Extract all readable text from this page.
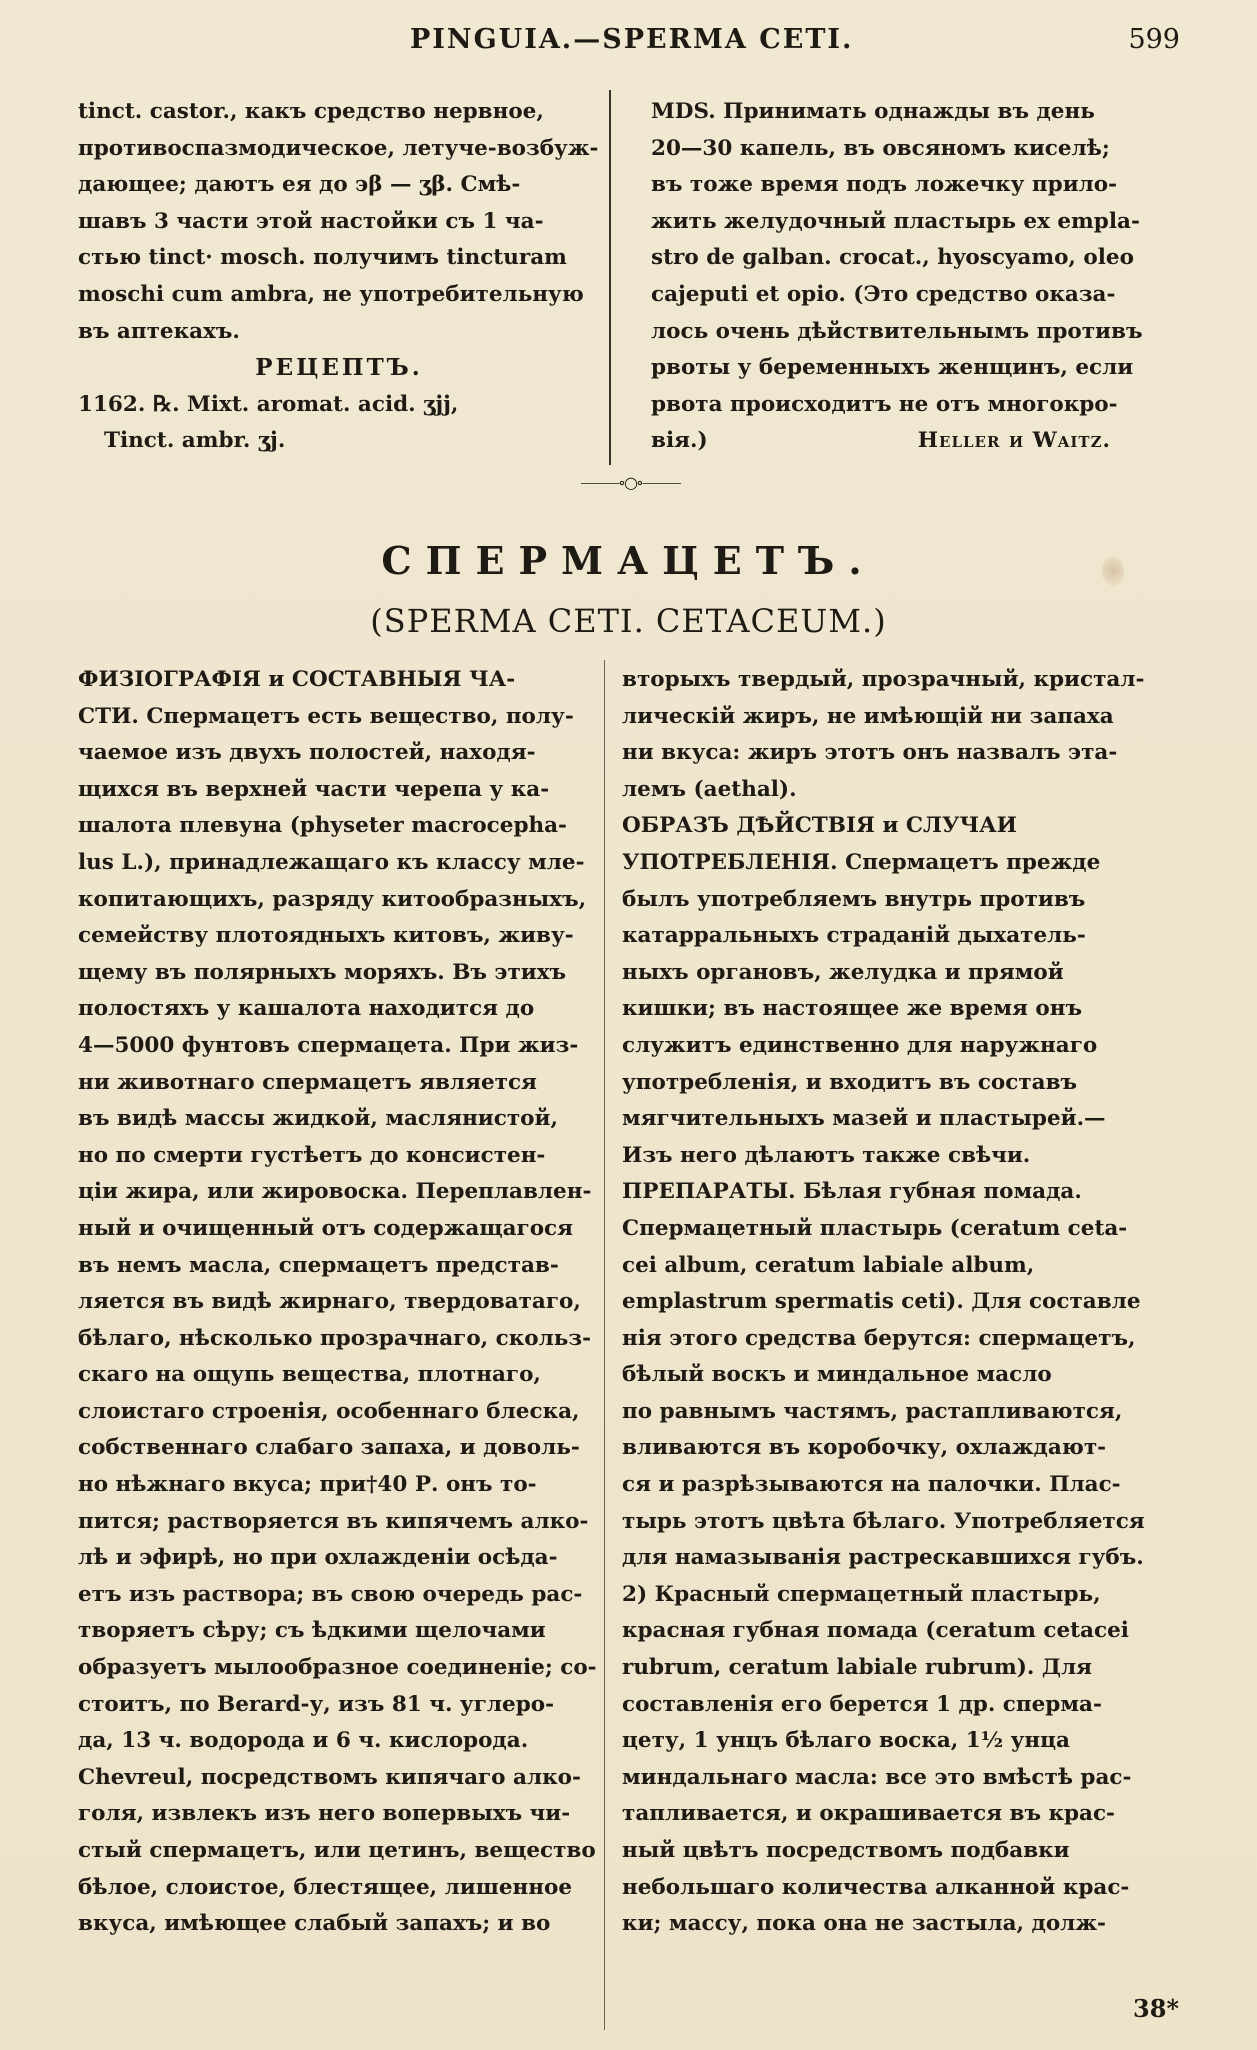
PINGUIA.—SPERMA CETI.	599

tinct. castor., какъ средство нервное,

противоспазмодическое, летуче-возбуж-

дающее; даютъ ея до ϶β — ʒβ. Смѣ-

шавъ 3 части этой настойки съ 1 ча-

стью tinct· mosch. получимъ tincturam

moschi cum ambra, не употребительную

въ аптекахъ.

РЕЦЕПТЪ.

1162. ℞. Mixt. aromat. acid. ʒjj,

Tinct. ambr. ʒj.

MDS. Принимать однажды въ день

20—30 капель, въ овсяномъ киселѣ;

въ тоже время подъ ложечку прило-

жить желудочный пластырь ex empla-

stro de galban. crocat., hyoscyamo, oleo

cajeputi et opio. (Это средство оказа-

лось очень дѣйствительнымъ противъ

рвоты у беременныхъ женщинъ, если

рвота происходитъ не отъ многокро-

вія.)	Heller и Waitz.

⸻∘○∘⸻
СПЕРМАЦЕТЪ.
(SPERMA CETI. CETACEUM.)

ФИЗІОГРАФІЯ и СОСТАВНЫЯ ЧА-

СТИ. Спермацетъ есть вещество, полу-

чаемое изъ двухъ полостей, находя-

щихся въ верхней части черепа у ка-

шалота плевуна (physeter macrocepha-

lus L.), принадлежащаго къ классу мле-

копитающихъ, разряду китообразныхъ,

семейству плотоядныхъ китовъ, живу-

щему въ полярныхъ моряхъ. Въ этихъ

полостяхъ у кашалота находится до

4—5000 фунтовъ спермацета. При жиз-

ни животнаго спермацетъ является

въ видѣ массы жидкой, маслянистой,

но по смерти густѣетъ до консистен-

ціи жира, или жировоска. Переплавлен-

ный и очищенный отъ содержащагося

въ немъ масла, спермацетъ представ-

ляется въ видѣ жирнаго, твердоватаго,

бѣлаго, нѣсколько прозрачнаго, скольз-

скаго на ощупь вещества, плотнаго,

слоистаго строенія, особеннаго блеска,

собственнаго слабаго запаха, и доволь-

но нѣжнаго вкуса; при†40 Р. онъ то-

пится; растворяется въ кипячемъ алко-

лѣ и эфирѣ, но при охлажденіи осѣда-

етъ изъ раствора; въ свою очередь рас-

творяетъ сѣру; съ ѣдкими щелочами

образуетъ мылообразное соединеніе; со-

стоитъ, по Berard-у, изъ 81 ч. углеро-

да, 13 ч. водорода и 6 ч. кислорода.

Chevreul, посредствомъ кипячаго алко-

голя, извлекъ изъ него вопервыхъ чи-

стый спермацетъ, или цетинъ, вещество

бѣлое, слоистое, блестящее, лишенное

вкуса, имѣющее слабый запахъ; и во

вторыхъ твердый, прозрачный, кристал-

лическій жиръ, не имѣющій ни запаха

ни вкуса: жиръ этотъ онъ назвалъ эта-

лемъ (aethal).

ОБРАЗЪ ДѢЙСТВІЯ и СЛУЧАИ

УПОТРЕБЛЕНІЯ. Спермацетъ прежде

былъ употребляемъ внутрь противъ

катарральныхъ страданій дыхатель-

ныхъ органовъ, желудка и прямой

кишки; въ настоящее же время онъ

служитъ единственно для наружнаго

употребленія, и входитъ въ составъ

мягчительныхъ мазей и пластырей.—

Изъ него дѣлаютъ также свѣчи.

ПРЕПАРАТЫ. Бѣлая губная помада.

Спермацетный пластырь (ceratum ceta-

cei album, ceratum labiale album,

emplastrum spermatis ceti). Для составле

нія этого средства берутся: спермацетъ,

бѣлый воскъ и миндальное масло

по равнымъ частямъ, растапливаются,

вливаются въ коробочку, охлаждают-

ся и разрѣзываются на палочки. Плас-

тырь этотъ цвѣта бѣлаго. Употребляется

для намазыванія растрескавшихся губъ.

2) Красный спермацетный пластырь,

красная губная помада (ceratum cetacei

rubrum, ceratum labiale rubrum). Для

составленія его берется 1 др. сперма-

цету, 1 унцъ бѣлаго воска, 1½ унца

миндальнаго масла: все это вмѣстѣ рас-

тапливается, и окрашивается въ крас-

ный цвѣтъ посредствомъ подбавки

небольшаго количества алканной крас-

ки; массу, пока она не застыла, долж-

38*
